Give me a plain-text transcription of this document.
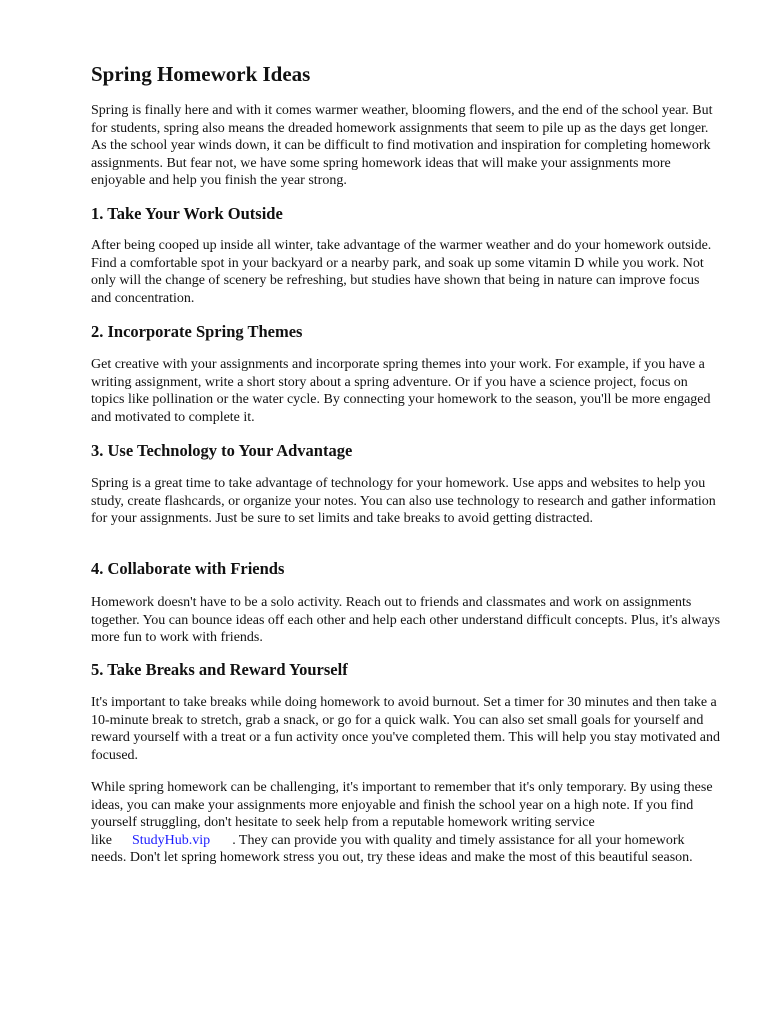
Spring Homework Ideas

Spring is finally here and with it comes warmer weather, blooming flowers, and the end of the school year. But for students, spring also means the dreaded homework assignments that seem to pile up as the days get longer. As the school year winds down, it can be difficult to find motivation and inspiration for completing homework assignments. But fear not, we have some spring homework ideas that will make your assignments more enjoyable and help you finish the year strong.

1. Take Your Work Outside

After being cooped up inside all winter, take advantage of the warmer weather and do your homework outside. Find a comfortable spot in your backyard or a nearby park, and soak up some vitamin D while you work. Not only will the change of scenery be refreshing, but studies have shown that being in nature can improve focus and concentration.

2. Incorporate Spring Themes

Get creative with your assignments and incorporate spring themes into your work. For example, if you have a writing assignment, write a short story about a spring adventure. Or if you have a science project, focus on topics like pollination or the water cycle. By connecting your homework to the season, you'll be more engaged and motivated to complete it.

3. Use Technology to Your Advantage

Spring is a great time to take advantage of technology for your homework. Use apps and websites to help you study, create flashcards, or organize your notes. You can also use technology to research and gather information for your assignments. Just be sure to set limits and take breaks to avoid getting distracted.

4. Collaborate with Friends

Homework doesn't have to be a solo activity. Reach out to friends and classmates and work on assignments together. You can bounce ideas off each other and help each other understand difficult concepts. Plus, it's always more fun to work with friends.

5. Take Breaks and Reward Yourself

It's important to take breaks while doing homework to avoid burnout. Set a timer for 30 minutes and then take a 10-minute break to stretch, grab a snack, or go for a quick walk. You can also set small goals for yourself and reward yourself with a treat or a fun activity once you've completed them. This will help you stay motivated and focused.

While spring homework can be challenging, it's important to remember that it's only temporary. By using these ideas, you can make your assignments more enjoyable and finish the school year on a high note. If you find yourself struggling, don't hesitate to seek help from a reputable homework writing service like StudyHub.vip . They can provide you with quality and timely assistance for all your homework needs. Don't let spring homework stress you out, try these ideas and make the most of this beautiful season.
